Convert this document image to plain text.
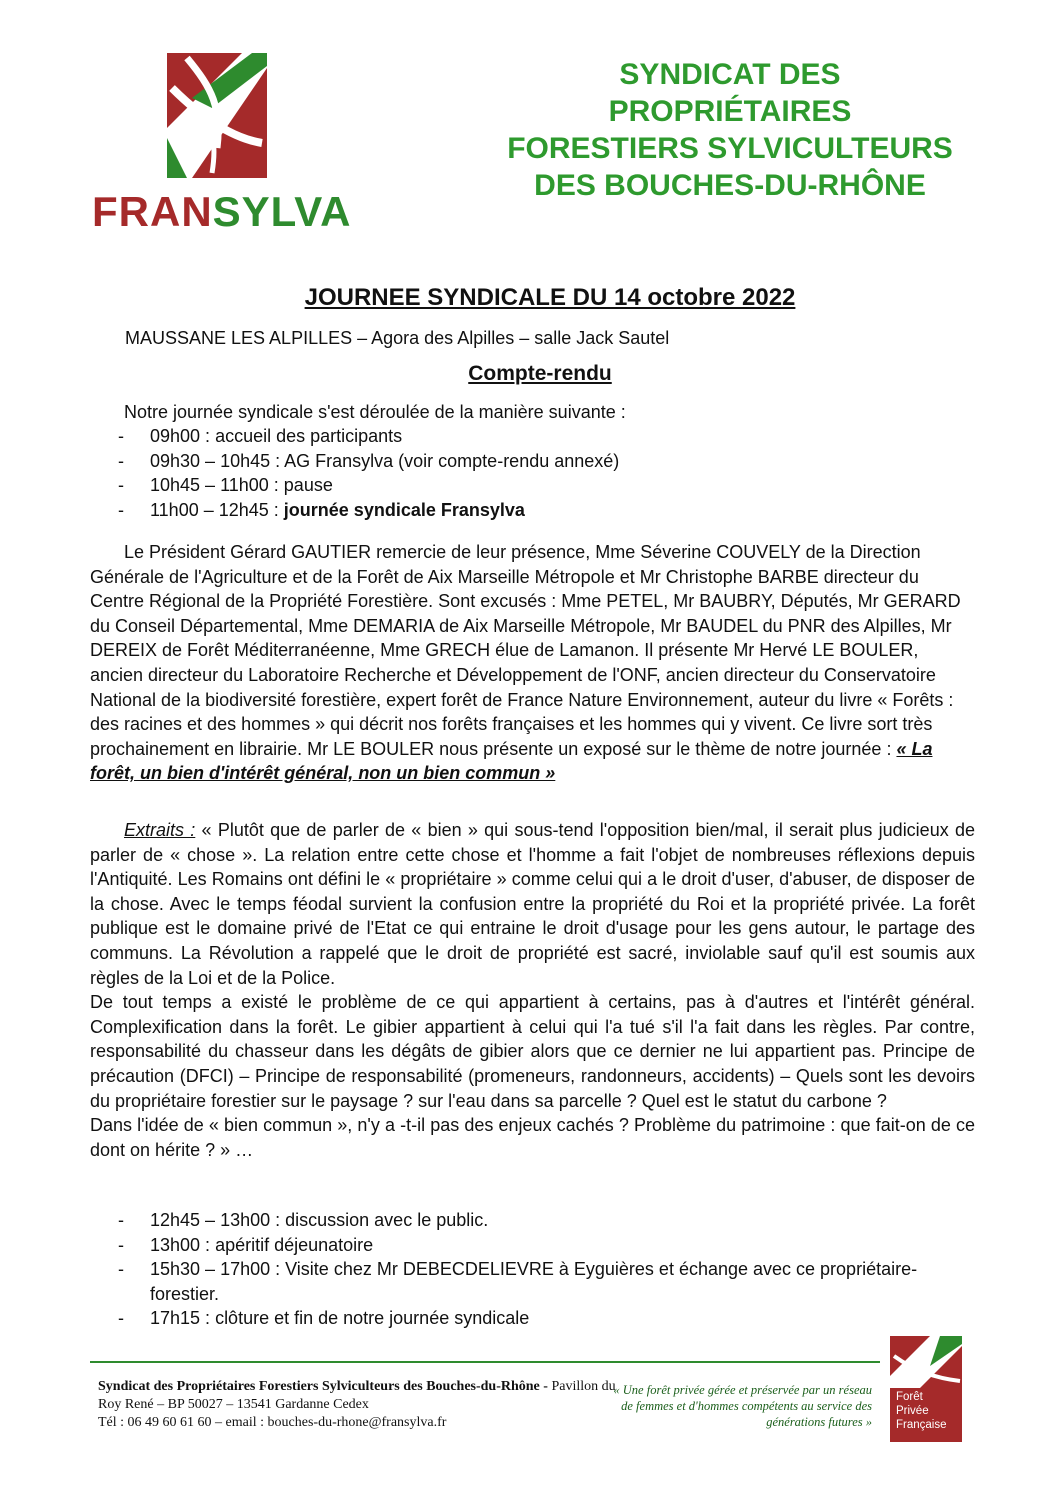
FRANSYLVA
SYNDICAT DES
PROPRIÉTAIRES
FORESTIERS SYLVICULTEURS
DES BOUCHES-DU-RHÔNE
JOURNEE SYNDICALE DU 14 octobre 2022
MAUSSANE LES ALPILLES – Agora des Alpilles – salle Jack Sautel
Compte-rendu
Notre journée syndicale s'est déroulée de la manière suivante :
- 09h00 : accueil des participants
- 09h30 – 10h45 : AG Fransylva (voir compte-rendu annexé)
- 10h45 – 11h00 : pause
- 11h00 – 12h45 : journée syndicale Fransylva
Le Président Gérard GAUTIER remercie de leur présence, Mme Séverine COUVELY de la Direction Générale de l'Agriculture et de la Forêt de Aix Marseille Métropole et Mr Christophe BARBE directeur du Centre Régional de la Propriété Forestière. Sont excusés : Mme PETEL, Mr BAUBRY, Députés, Mr GERARD du Conseil Départemental, Mme DEMARIA de Aix Marseille Métropole, Mr BAUDEL du PNR des Alpilles, Mr DEREIX de Forêt Méditerranéenne, Mme GRECH élue de Lamanon. Il présente Mr Hervé LE BOULER, ancien directeur du Laboratoire Recherche et Développement de l'ONF, ancien directeur du Conservatoire National de la biodiversité forestière, expert forêt de France Nature Environnement, auteur du livre « Forêts : des racines et des hommes » qui décrit nos forêts françaises et les hommes qui y vivent. Ce livre sort très prochainement en librairie. Mr LE BOULER nous présente un exposé sur le thème de notre journée : « La forêt, un bien d'intérêt général, non un bien commun »
Extraits : « Plutôt que de parler de « bien » qui sous-tend l'opposition bien/mal, il serait plus judicieux de parler de « chose ». La relation entre cette chose et l'homme a fait l'objet de nombreuses réflexions depuis l'Antiquité. Les Romains ont défini le « propriétaire » comme celui qui a le droit d'user, d'abuser, de disposer de la chose. Avec le temps féodal survient la confusion entre la propriété du Roi et la propriété privée. La forêt publique est le domaine privé de l'Etat ce qui entraine le droit d'usage pour les gens autour, le partage des communs. La Révolution a rappelé que le droit de propriété est sacré, inviolable sauf qu'il est soumis aux règles de la Loi et de la Police.
De tout temps a existé le problème de ce qui appartient à certains, pas à d'autres et l'intérêt général. Complexification dans la forêt. Le gibier appartient à celui qui l'a tué s'il l'a fait dans les règles. Par contre, responsabilité du chasseur dans les dégâts de gibier alors que ce dernier ne lui appartient pas. Principe de précaution (DFCI) – Principe de responsabilité (promeneurs, randonneurs, accidents) – Quels sont les devoirs du propriétaire forestier sur le paysage ? sur l'eau dans sa parcelle ? Quel est le statut du carbone ?
Dans l'idée de « bien commun », n'y a -t-il pas des enjeux cachés ? Problème du patrimoine : que fait-on de ce dont on hérite ? » …
- 12h45 – 13h00 : discussion avec le public.
- 13h00 : apéritif déjeunatoire
- 15h30 – 17h00 : Visite chez Mr DEBECDELIEVRE à Eyguières et échange avec ce propriétaire-forestier.
- 17h15 : clôture et fin de notre journée syndicale
Syndicat des Propriétaires Forestiers Sylviculteurs des Bouches-du-Rhône - Pavillon du Roy René – BP 50027 – 13541 Gardanne Cedex
Tél : 06 49 60 61 60 – email : bouches-du-rhone@fransylva.fr
« Une forêt privée gérée et préservée par un réseau de femmes et d'hommes compétents au service des générations futures »
Forêt
Privée
Française
